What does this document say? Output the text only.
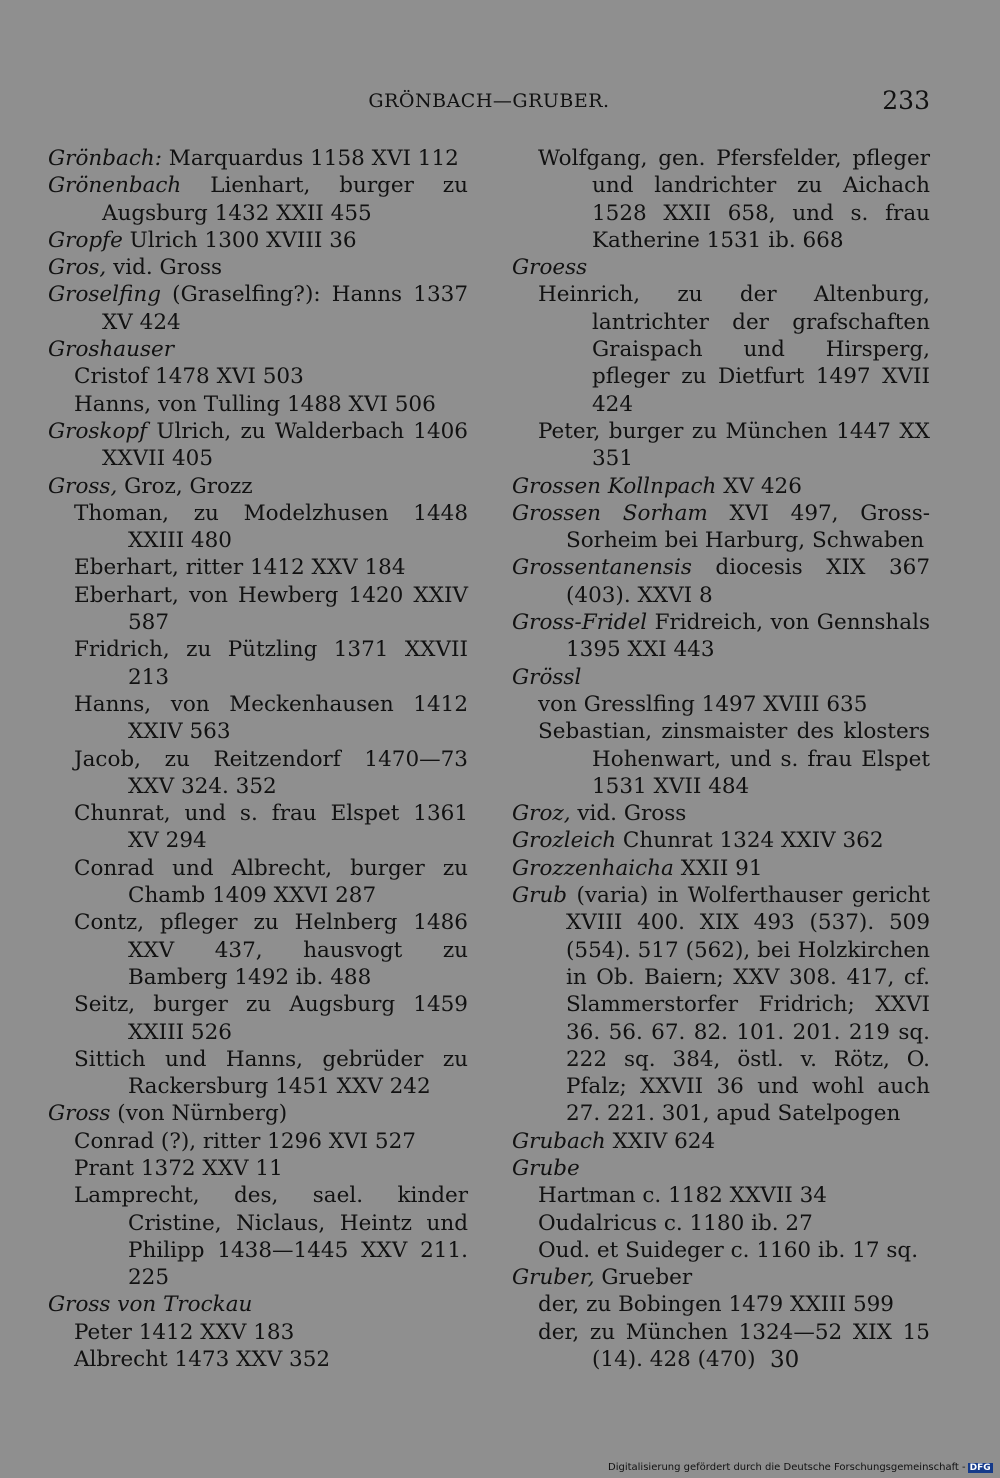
GRÖNBACH—GRUBER.	233
Grönbach: Marquardus 1158 XVI 112
Grönenbach Lienhart, burger zu Augsburg 1432 XXII 455
Gropfe Ulrich 1300 XVIII 36
Gros, vid. Gross
Groselfing (Graselfing?): Hanns 1337 XV 424
Groshauser
Cristof 1478 XVI 503
Hanns, von Tulling 1488 XVI 506
Groskopf Ulrich, zu Walderbach 1406 XXVII 405
Gross, Groz, Grozz
Thoman, zu Modelzhusen 1448 XXIII 480
Eberhart, ritter 1412 XXV 184
Eberhart, von Hewberg 1420 XXIV 587
Fridrich, zu Pützling 1371 XXVII 213
Hanns, von Meckenhausen 1412 XXIV 563
Jacob, zu Reitzendorf 1470—73 XXV 324. 352
Chunrat, und s. frau Elspet 1361 XV 294
Conrad und Albrecht, burger zu Chamb 1409 XXVI 287
Contz, pfleger zu Helnberg 1486 XXV 437, hausvogt zu Bamberg 1492 ib. 488
Seitz, burger zu Augsburg 1459 XXIII 526
Sittich und Hanns, gebrüder zu Rackersburg 1451 XXV 242
Gross (von Nürnberg)
Conrad (?), ritter 1296 XVI 527
Prant 1372 XXV 11
Lamprecht, des, sael. kinder Cristine, Niclaus, Heintz und Philipp 1438—1445 XXV 211. 225
Gross von Trockau
Peter 1412 XXV 183
Albrecht 1473 XXV 352
Wolfgang, gen. Pfersfelder, pfleger und landrichter zu Aichach 1528 XXII 658, und s. frau Katherine 1531 ib. 668
Groess
Heinrich, zu der Altenburg, lantrichter der grafschaften Graispach und Hirsperg, pfleger zu Dietfurt 1497 XVII 424
Peter, burger zu München 1447 XX 351
Grossen Kollnpach XV 426
Grossen Sorham XVI 497, Gross-Sorheim bei Harburg, Schwaben
Grossentanensis diocesis XIX 367 (403). XXVI 8
Gross-Fridel Fridreich, von Gennshals 1395 XXI 443
Grössl
von Gresslfing 1497 XVIII 635
Sebastian, zinsmaister des klosters Hohenwart, und s. frau Elspet 1531 XVII 484
Groz, vid. Gross
Grozleich Chunrat 1324 XXIV 362
Grozzenhaicha XXII 91
Grub (varia) in Wolferthauser gericht XVIII 400. XIX 493 (537). 509 (554). 517 (562), bei Holzkirchen in Ob. Baiern; XXV 308. 417, cf. Slammerstorfer Fridrich; XXVI 36. 56. 67. 82. 101. 201. 219 sq. 222 sq. 384, östl. v. Rötz, O. Pfalz; XXVII 36 und wohl auch 27. 221. 301, apud Satelpogen
Grubach XXIV 624
Grube
Hartman c. 1182 XXVII 34
Oudalricus c. 1180 ib. 27
Oud. et Suideger c. 1160 ib. 17 sq.
Gruber, Grueber
der, zu Bobingen 1479 XXIII 599
der, zu München 1324—52 XIX 15 (14). 428 (470) 30
Digitalisierung gefördert durch die Deutsche Forschungsgemeinschaft - DFG
